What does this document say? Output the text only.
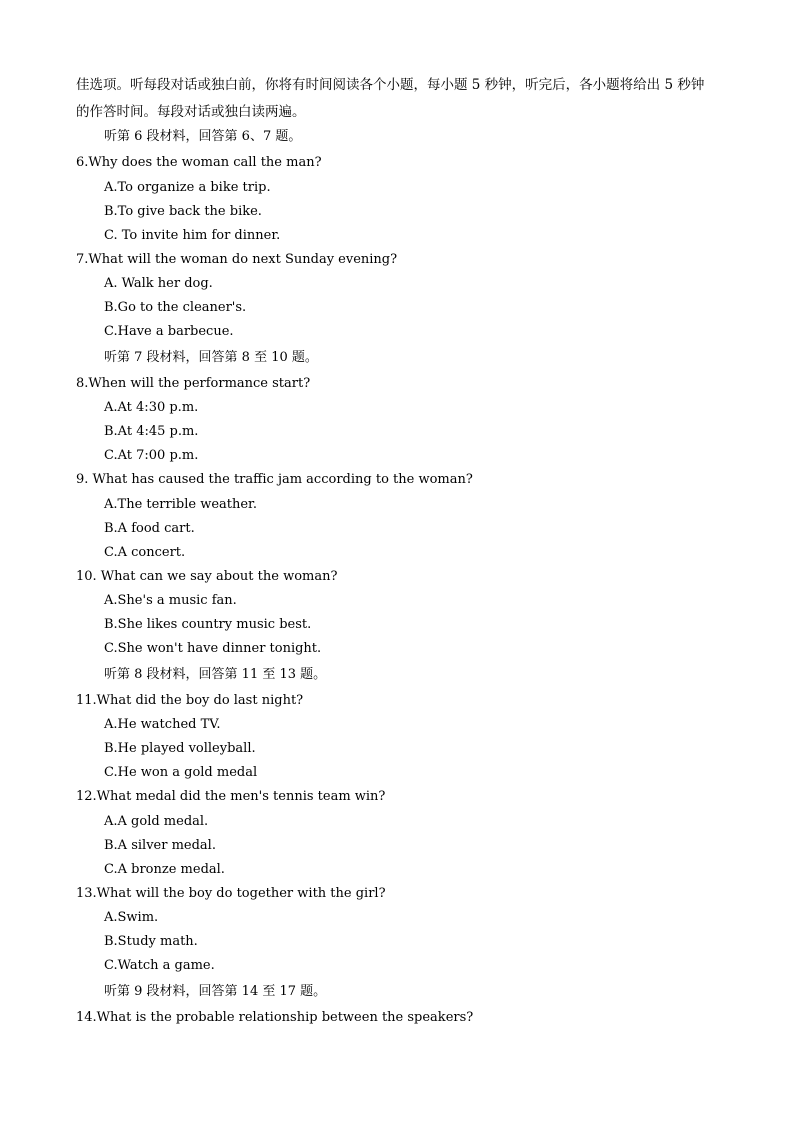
佳选项。听每段对话或独白前，你将有时间阅读各个小题，每小题 5 秒钟，听完后，各小题将给出 5 秒钟
的作答时间。每段对话或独白读两遍。
听第 6 段材料，回答第 6、7 题。
6.Why does the woman call the man?
A.To organize a bike trip.
B.To give back the bike.
C. To invite him for dinner.
7.What will the woman do next Sunday evening?
A. Walk her dog.
B.Go to the cleaner's.
C.Have a barbecue.
听第 7 段材料，回答第 8 至 10 题。
8.When will the performance start?
A.At 4:30 p.m.
B.At 4:45 p.m.
C.At 7:00 p.m.
9. What has caused the traffic jam according to the woman?
A.The terrible weather.
B.A food cart.
C.A concert.
10. What can we say about the woman?
A.She's a music fan.
B.She likes country music best.
C.She won't have dinner tonight.
听第 8 段材料，回答第 11 至 13 题。
11.What did the boy do last night?
A.He watched TV.
B.He played volleyball.
C.He won a gold medal
12.What medal did the men's tennis team win?
A.A gold medal.
B.A silver medal.
C.A bronze medal.
13.What will the boy do together with the girl?
A.Swim.
B.Study math.
C.Watch a game.
听第 9 段材料，回答第 14 至 17 题。
14.What is the probable relationship between the speakers?
